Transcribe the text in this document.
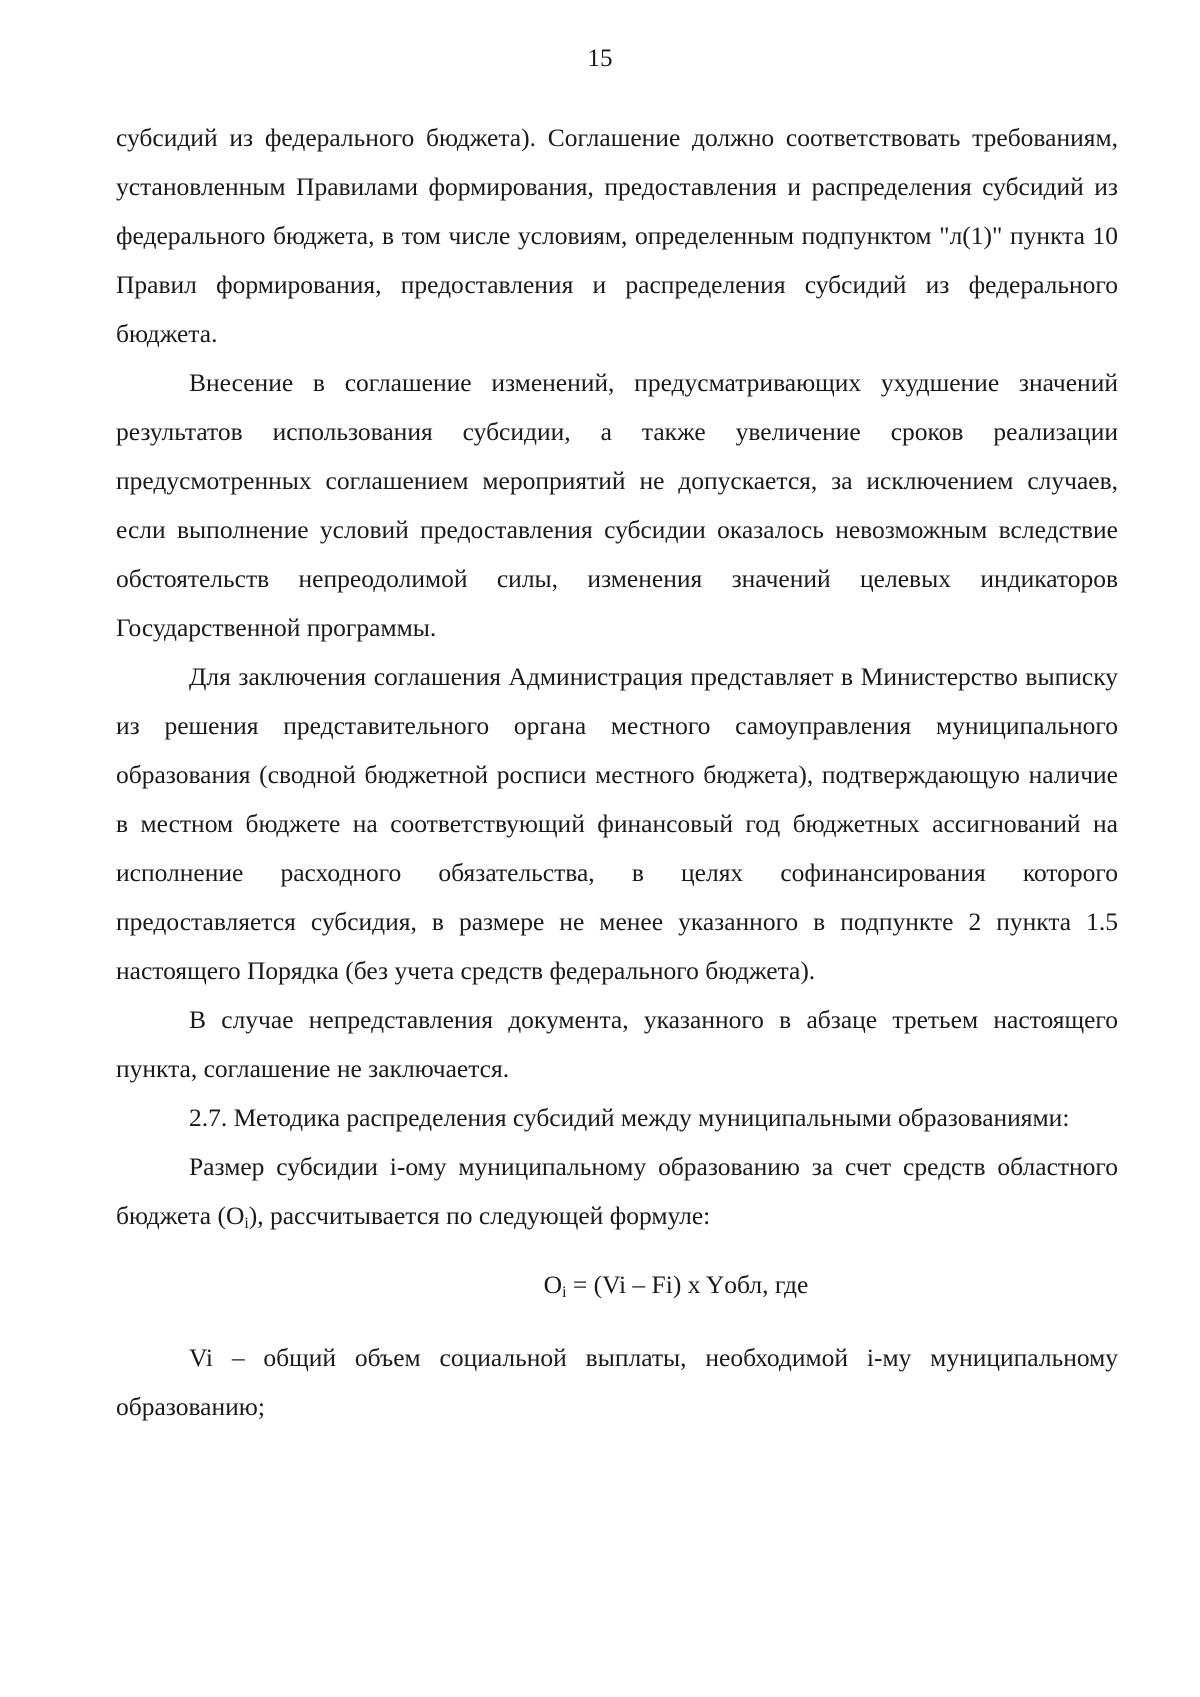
15

субсидий из федерального бюджета). Соглашение должно соответствовать требованиям, установленным Правилами формирования, предоставления и распределения субсидий из федерального бюджета, в том числе условиям, определенным подпунктом "л(1)" пункта 10 Правил формирования, предоставления и распределения субсидий из федерального бюджета.

Внесение в соглашение изменений, предусматривающих ухудшение значений результатов использования субсидии, а также увеличение сроков реализации предусмотренных соглашением мероприятий не допускается, за исключением случаев, если выполнение условий предоставления субсидии оказалось невозможным вследствие обстоятельств непреодолимой силы, изменения значений целевых индикаторов Государственной программы.

Для заключения соглашения Администрация представляет в Министерство выписку из решения представительного органа местного самоуправления муниципального образования (сводной бюджетной росписи местного бюджета), подтверждающую наличие в местном бюджете на соответствующий финансовый год бюджетных ассигнований на исполнение расходного обязательства, в целях софинансирования которого предоставляется субсидия, в размере не менее указанного в подпункте 2 пункта 1.5 настоящего Порядка (без учета средств федерального бюджета).

В случае непредставления документа, указанного в абзаце третьем настоящего пункта, соглашение не заключается.

2.7. Методика распределения субсидий между муниципальными образованиями:

Размер субсидии i-ому муниципальному образованию за счет средств областного бюджета $(O_i)$, рассчитывается по следующей формуле:

$O_i = (Vi - Fi)$ x Yобл, где

Vi – общий объем социальной выплаты, необходимой i-му муниципальному образованию;
